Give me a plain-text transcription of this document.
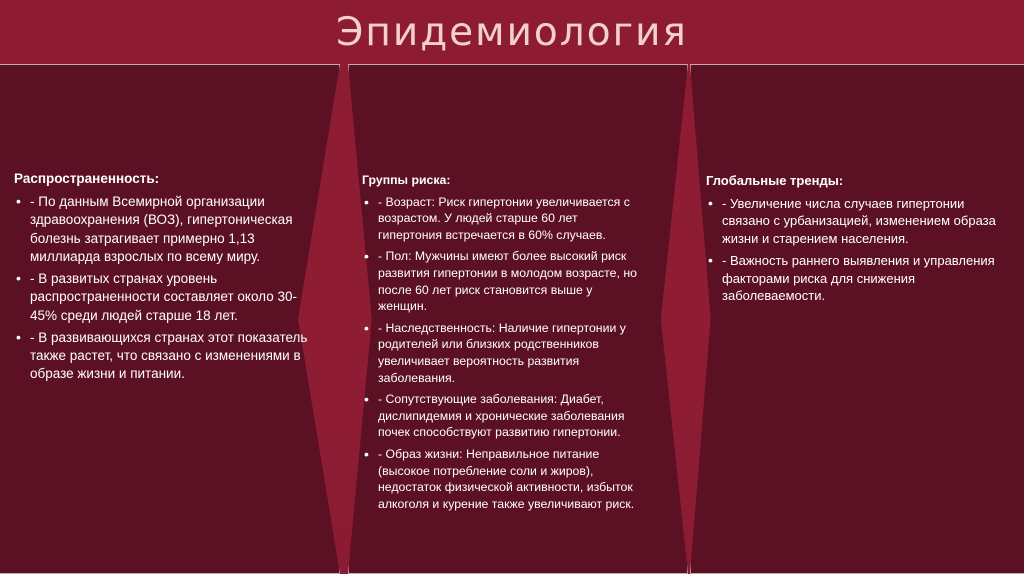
Эпидемиология
Распространенность:
• - По данным Всемирной организации здравоохранения (ВОЗ), гипертоническая болезнь затрагивает примерно 1,13 миллиарда взрослых по всему миру.
• - В развитых странах уровень распространенности составляет около 30-45% среди людей старше 18 лет.
• - В развивающихся странах этот показатель также растет, что связано с изменениями в образе жизни и питании.
Группы риска:
• - Возраст: Риск гипертонии увеличивается с возрастом. У людей старше 60 лет гипертония встречается в 60% случаев.
• - Пол: Мужчины имеют более высокий риск развития гипертонии в молодом возрасте, но после 60 лет риск становится выше у женщин.
• - Наследственность: Наличие гипертонии у родителей или близких родственников увеличивает вероятность развития заболевания.
• - Сопутствующие заболевания: Диабет, дислипидемия и хронические заболевания почек способствуют развитию гипертонии.
• - Образ жизни: Неправильное питание (высокое потребление соли и жиров), недостаток физической активности, избыток алкоголя и курение также увеличивают риск.
Глобальные тренды:
• - Увеличение числа случаев гипертонии связано с урбанизацией, изменением образа жизни и старением населения.
• - Важность раннего выявления и управления факторами риска для снижения заболеваемости.
